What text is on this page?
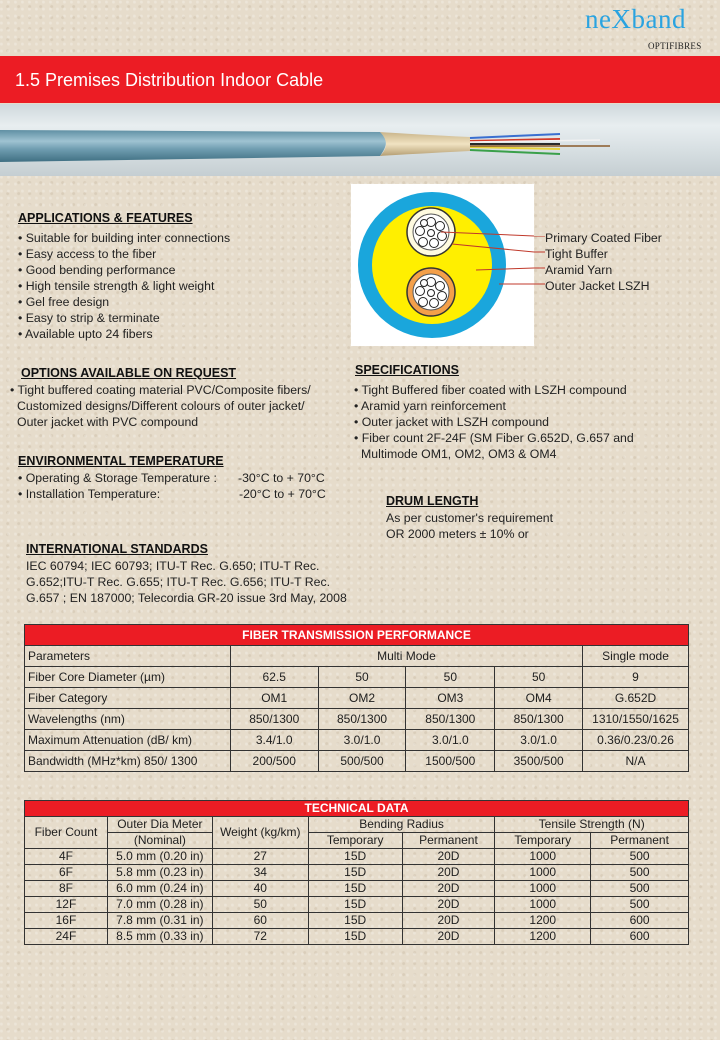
neXband
OPTIFIBRES
1.5 Premises Distribution Indoor Cable
APPLICATIONS & FEATURES
• Suitable for building inter connections
• Easy access to the fiber
• Good bending performance
• High tensile strength & light weight
• Gel free design
• Easy to strip & terminate
• Available upto 24 fibers
Primary Coated Fiber
Tight Buffer
Aramid Yarn
Outer Jacket LSZH
OPTIONS AVAILABLE ON REQUEST
• Tight buffered coating material PVC/Composite fibers/
Customized designs/Different colours of outer jacket/
Outer jacket with PVC compound
SPECIFICATIONS
• Tight Buffered fiber coated with LSZH compound
• Aramid yarn reinforcement
• Outer jacket with LSZH compound
• Fiber count 2F-24F (SM Fiber G.652D, G.657 and
Multimode OM1, OM2, OM3 & OM4
ENVIRONMENTAL TEMPERATURE
• Operating & Storage Temperature : -30°C to + 70°C
• Installation Temperature:	-20°C to + 70°C	DRUM LENGTH
As per customer's requirement
OR 2000 meters ± 10% or
INTERNATIONAL STANDARDS
IEC 60794; IEC 60793; ITU-T Rec. G.650; ITU-T Rec.
G.652;ITU-T Rec. G.655; ITU-T Rec. G.656; ITU-T Rec.
G.657 ; EN 187000; Telecordia GR-20 issue 3rd May, 2008
FIBER TRANSMISSION PERFORMANCE					
Parameters	Multi Mode				Single mode
Fiber Core Diameter (µm)	62.5	50	50	50	9
Fiber Category	OM1	OM2	OM3	OM4	G.652D
Wavelengths (nm)	850/1300	850/1300	850/1300	850/1300	1310/1550/1625
Maximum Attenuation (dB/ km)	3.4/1.0	3.0/1.0	3.0/1.0	3.0/1.0	0.36/0.23/0.26
Bandwidth (MHz*km) 850/ 1300	200/500	500/500	1500/500	3500/500	N/A
TECHNICAL DATA						
Fiber Count	Outer Dia Meter	Weight (kg/km)	Bending Radius		Tensile Strength (N)	
	(Nominal)		Temporary	Permanent	Temporary	Permanent
4F	5.0 mm (0.20 in)	27	15D	20D	1000	500
6F	5.8 mm (0.23 in)	34	15D	20D	1000	500
8F	6.0 mm (0.24 in)	40	15D	20D	1000	500
12F	7.0 mm (0.28 in)	50	15D	20D	1000	500
16F	7.8 mm (0.31 in)	60	15D	20D	1200	600
24F	8.5 mm (0.33 in)	72	15D	20D	1200	600
